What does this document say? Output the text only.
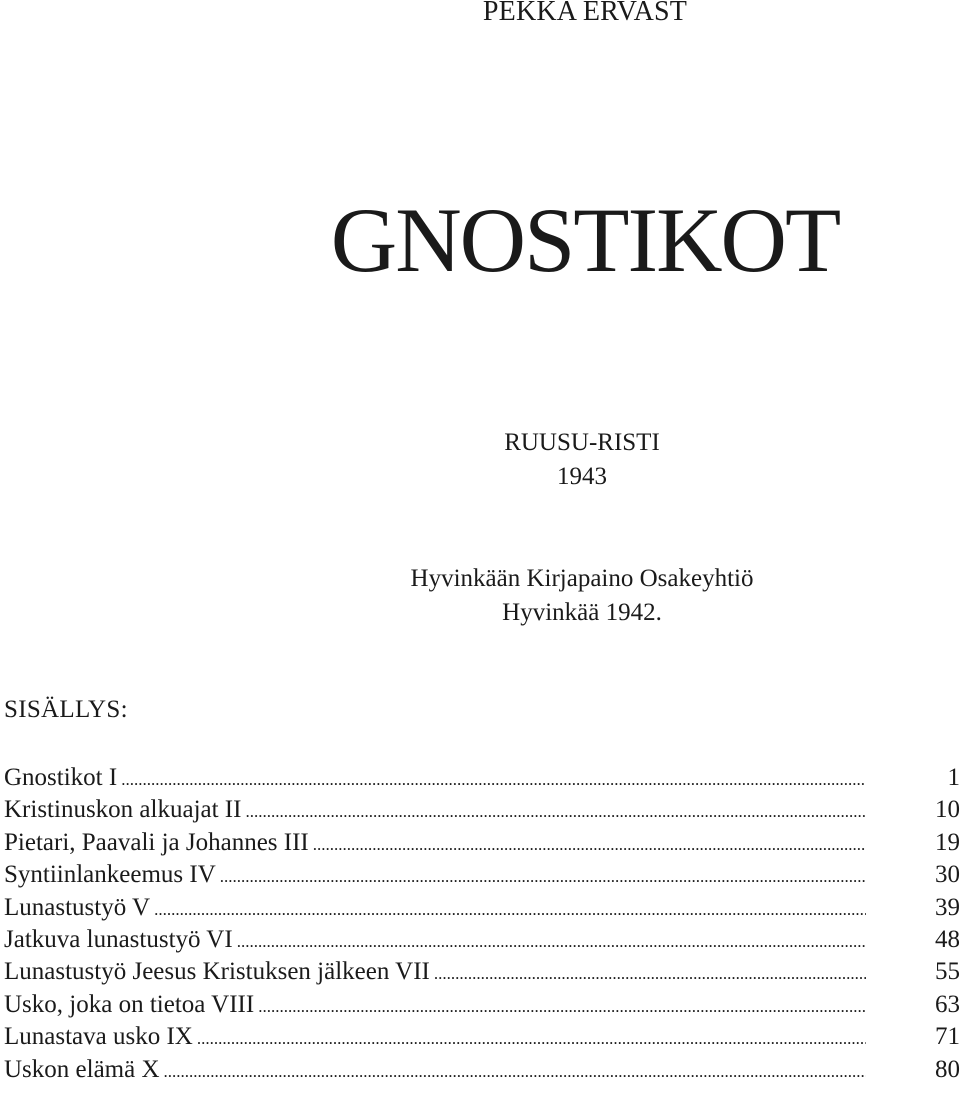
PEKKA ERVAST
GNOSTIKOT
RUUSU-RISTI
1943
Hyvinkään Kirjapaino Osakeyhtiö
Hyvinkää 1942.
SISÄLLYS:
Gnostikot I .....	1
Kristinuskon alkuajat II .....	10
Pietari, Paavali ja Johannes III .....	19
Syntiinlankeemus IV .....	30
Lunastustyö V .....	39
Jatkuva lunastustyö VI .....	48
Lunastustyö Jeesus Kristuksen jälkeen VII .....	55
Usko, joka on tietoa VIII .....	63
Lunastava usko IX .....	71
Uskon elämä X .....	80
